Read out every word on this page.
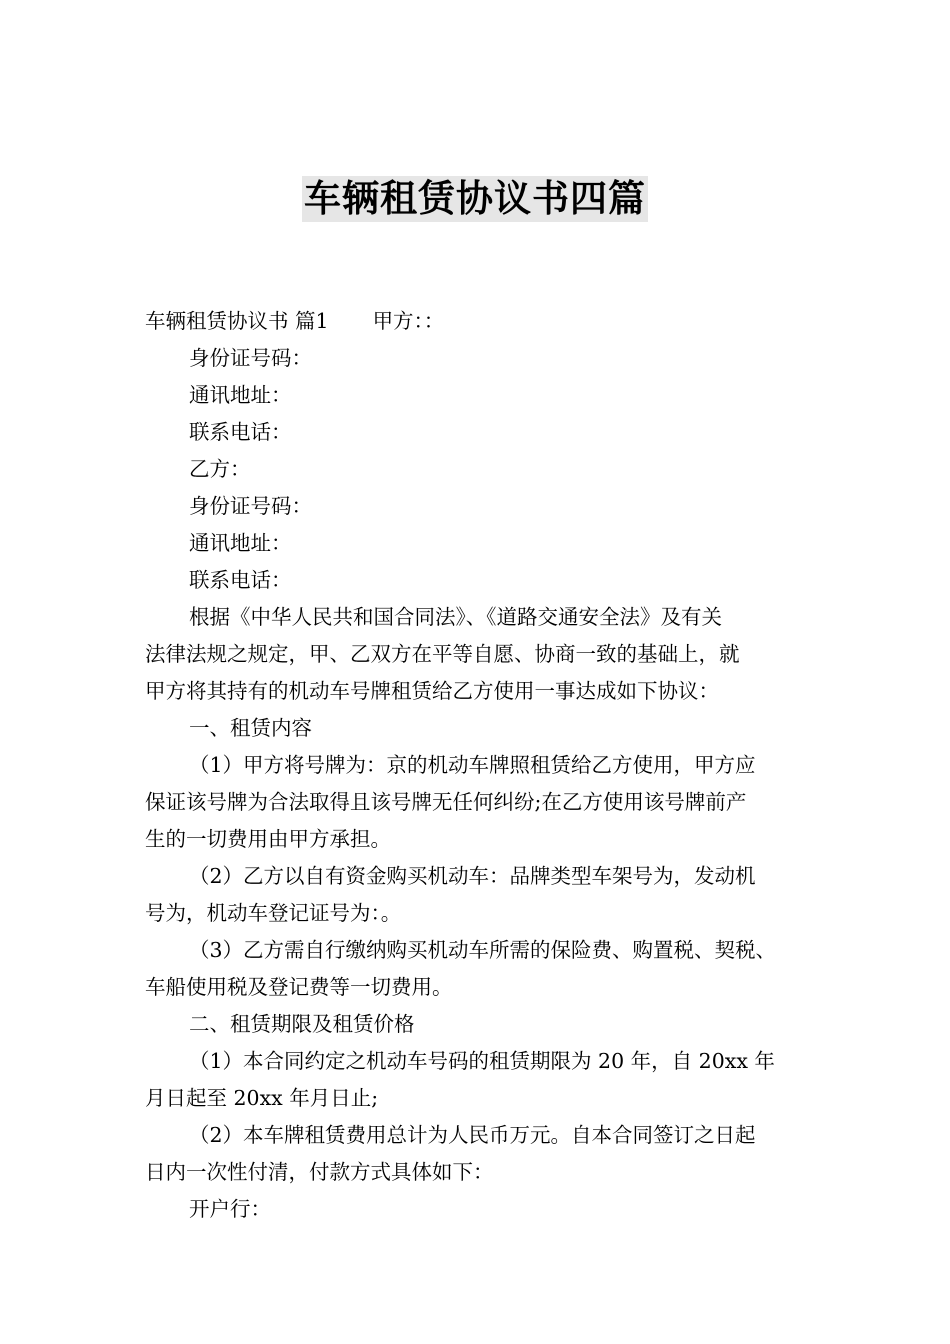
车辆租赁协议书四篇
车辆租赁协议书 篇1 甲方：：
身份证号码：
通讯地址：
联系电话：
乙方：
身份证号码：
通讯地址：
联系电话：
根据《中华人民共和国合同法》、《道路交通安全法》及有关
法律法规之规定，甲、乙双方在平等自愿、协商一致的基础上，就
甲方将其持有的机动车号牌租赁给乙方使用一事达成如下协议：
一、租赁内容
（1）甲方将号牌为：京的机动车牌照租赁给乙方使用，甲方应
保证该号牌为合法取得且该号牌无任何纠纷;在乙方使用该号牌前产
生的一切费用由甲方承担。
（2）乙方以自有资金购买机动车：品牌类型车架号为，发动机
号为，机动车登记证号为：。
（3）乙方需自行缴纳购买机动车所需的保险费、购置税、契税、
车船使用税及登记费等一切费用。
二、租赁期限及租赁价格
（1）本合同约定之机动车号码的租赁期限为 20 年，自 20xx 年
月日起至 20xx 年月日止;
（2）本车牌租赁费用总计为人民币万元。自本合同签订之日起
日内一次性付清，付款方式具体如下：
开户行：
